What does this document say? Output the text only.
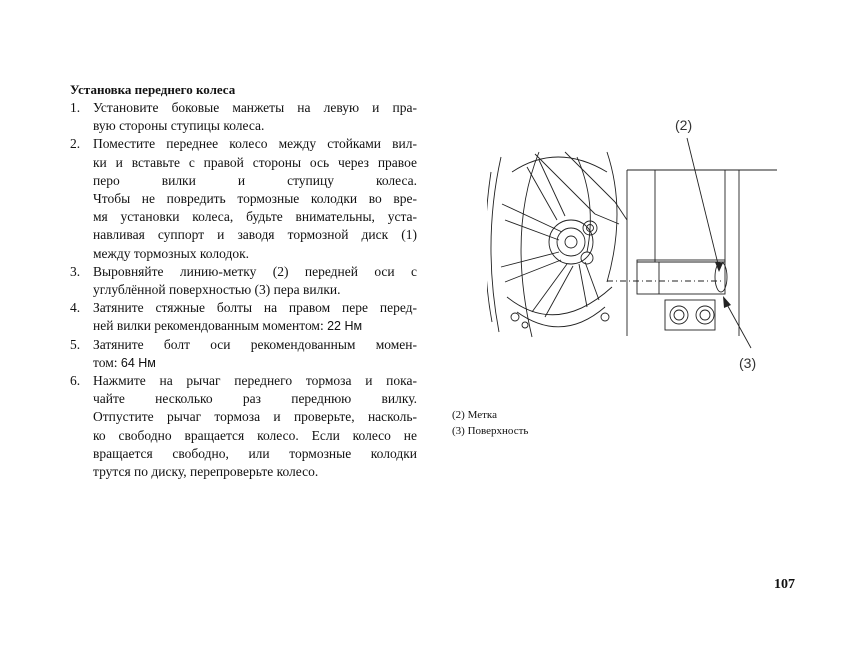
Установка переднего колеса
1. Установите боковые манжеты на левую и пра-
вую стороны ступицы колеса.
2. Поместите переднее колесо между стойками вил-
ки и вставьте с правой стороны ось через правое
перо вилки и ступицу колеса.
Чтобы не повредить тормозные колодки во вре-
мя установки колеса, будьте внимательны, уста-
навливая суппорт и заводя тормозной диск (1)
между тормозных колодок.
3. Выровняйте линию-метку (2) передней оси с
углублённой поверхностью (3) пера вилки.
4. Затяните стяжные болты на правом пере перед-
ней вилки рекомендованным моментом: 22 Нм
5. Затяните болт оси рекомендованным момен-
том: 64 Нм
6. Нажмите на рычаг переднего тормоза и пока-
чайте несколько раз переднюю вилку.
Отпустите рычаг тормоза и проверьте, насколь-
ко свободно вращается колесо. Если колесо не
вращается свободно, или тормозные колодки
трутся по диску, перепроверьте колесо.
(2)
(3)
(2) Метка
(3) Поверхность
107
